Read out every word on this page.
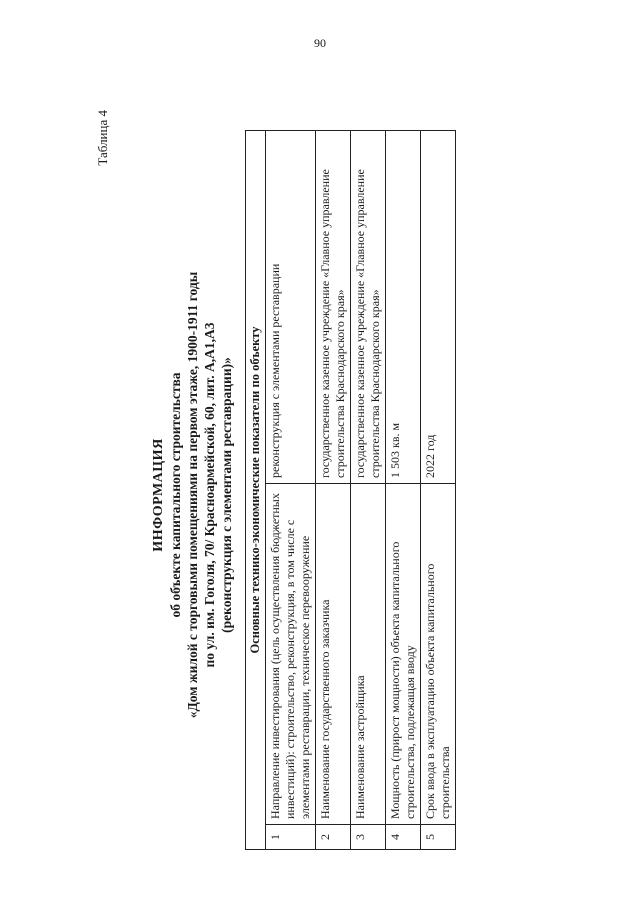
90
Таблица 4
ИНФОРМАЦИЯ об объекте капитального строительства «Дом жилой с торговыми помещениями на первом этаже, 1900-1911 годы по ул. им. Гоголя, 70/ Красноармейской, 60, лит. А,А1,А3 (реконструкция с элементами реставрации)» Основные технико-экономические показатели по объекту		
1	Направление инвестирования (цель осуществления бюджетных инвестиций): строительство, реконструкция, в том числе с элементами реставрации, техническое перевооружение	реконструкция с элементами реставрации
2	Наименование государственного заказчика	государственное казенное учреждение «Главное управление строительства Краснодарского края»
3	Наименование застройщика	государственное казенное учреждение «Главное управление строительства Краснодарского края»
4	Мощность (прирост мощности) объекта капитального строительства, подлежащая вводу	1 503 кв. м
5	Срок ввода в эксплуатацию объекта капитального строительства	2022 год
